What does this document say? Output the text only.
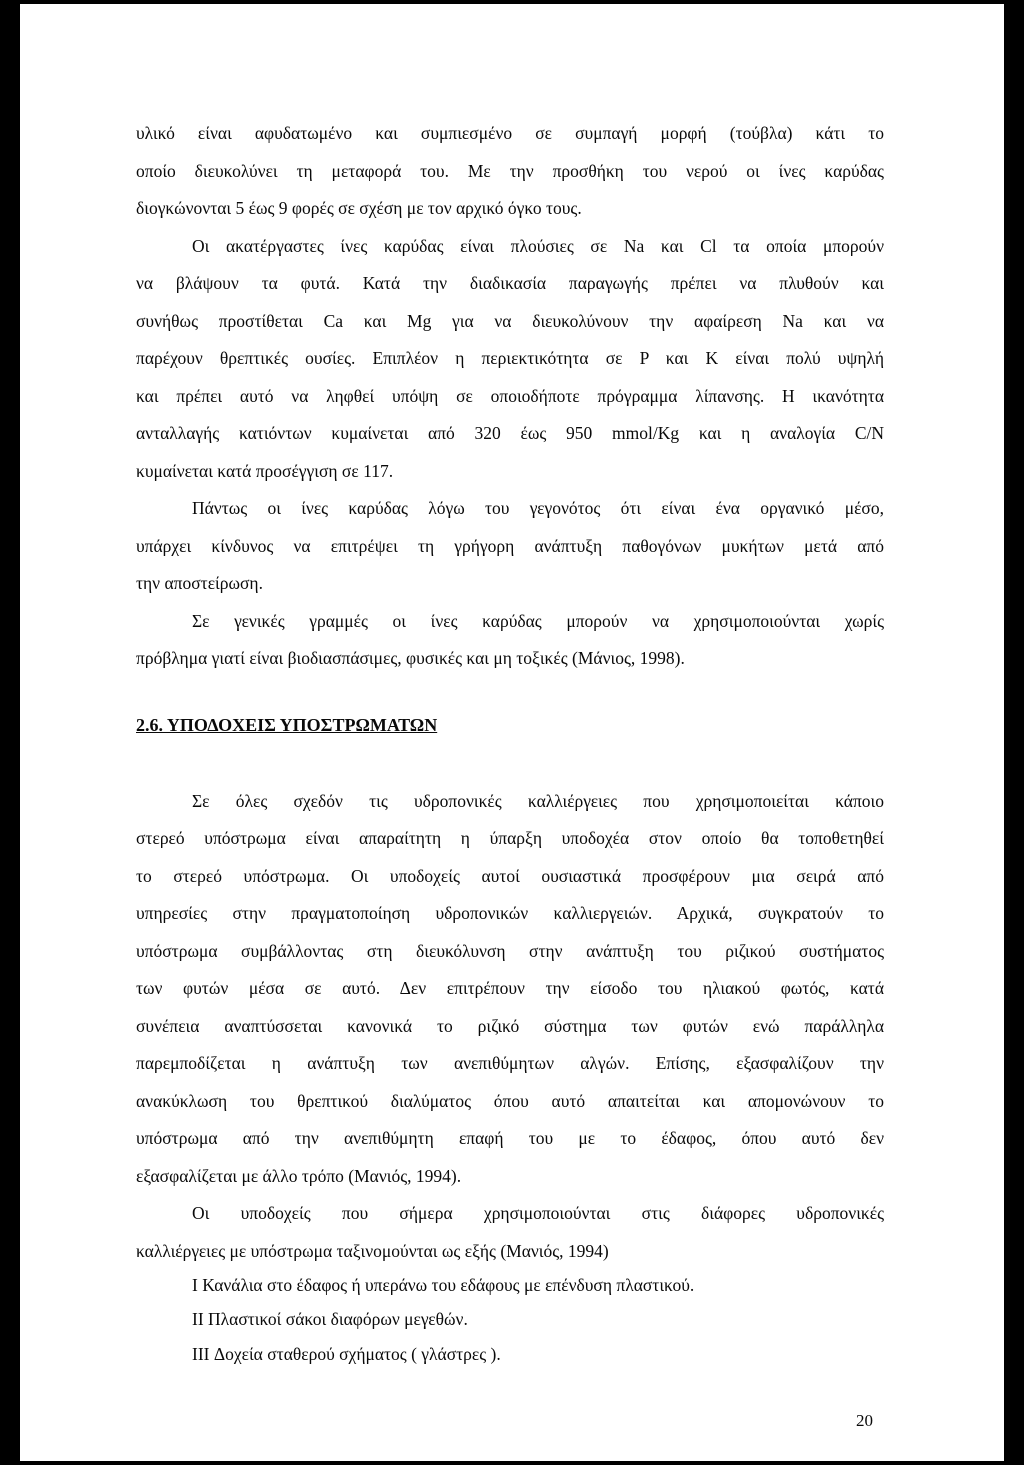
υλικό είναι αφυδατωμένο και συμπιεσμένο σε συμπαγή μορφή (τούβλα) κάτι το
οποίο διευκολύνει τη μεταφορά του. Με την προσθήκη του νερού οι ίνες καρύδας
διογκώνονται 5 έως 9 φορές σε σχέση με τον αρχικό όγκο τους.
Οι ακατέργαστες ίνες καρύδας είναι πλούσιες σε Na και Cl τα οποία μπορούν
να βλάψουν τα φυτά. Κατά την διαδικασία παραγωγής πρέπει να πλυθούν και
συνήθως προστίθεται Ca και Mg για να διευκολύνουν την αφαίρεση Na και να
παρέχουν θρεπτικές ουσίες. Επιπλέον η περιεκτικότητα σε P και K είναι πολύ υψηλή
και πρέπει αυτό να ληφθεί υπόψη σε οποιοδήποτε πρόγραμμα λίπανσης. Η ικανότητα
ανταλλαγής κατιόντων κυμαίνεται από 320 έως 950 mmol/Kg και η αναλογία C/N
κυμαίνεται κατά προσέγγιση σε 117.
Πάντως οι ίνες καρύδας λόγω του γεγονότος ότι είναι ένα οργανικό μέσο,
υπάρχει κίνδυνος να επιτρέψει τη γρήγορη ανάπτυξη παθογόνων μυκήτων μετά από
την αποστείρωση.
Σε γενικές γραμμές οι ίνες καρύδας μπορούν να χρησιμοποιούνται χωρίς
πρόβλημα γιατί είναι βιοδιασπάσιμες, φυσικές και μη τοξικές (Μάνιος, 1998).
2.6. ΥΠΟΔΟΧΕΙΣ ΥΠΟΣΤΡΩΜΑΤΩΝ
Σε όλες σχεδόν τις υδροπονικές καλλιέργειες που χρησιμοποιείται κάποιο
στερεό υπόστρωμα είναι απαραίτητη η ύπαρξη υποδοχέα στον οποίο θα τοποθετηθεί
το στερεό υπόστρωμα. Οι υποδοχείς αυτοί ουσιαστικά προσφέρουν μια σειρά από
υπηρεσίες στην πραγματοποίηση υδροπονικών καλλιεργειών. Αρχικά, συγκρατούν το
υπόστρωμα συμβάλλοντας στη διευκόλυνση στην ανάπτυξη του ριζικού συστήματος
των φυτών μέσα σε αυτό. Δεν επιτρέπουν την είσοδο του ηλιακού φωτός, κατά
συνέπεια αναπτύσσεται κανονικά το ριζικό σύστημα των φυτών ενώ παράλληλα
παρεμποδίζεται η ανάπτυξη των ανεπιθύμητων αλγών. Επίσης, εξασφαλίζουν την
ανακύκλωση του θρεπτικού διαλύματος όπου αυτό απαιτείται και απομονώνουν το
υπόστρωμα από την ανεπιθύμητη επαφή του με το έδαφος, όπου αυτό δεν
εξασφαλίζεται με άλλο τρόπο (Μανιός, 1994).
Οι υποδοχείς που σήμερα χρησιμοποιούνται στις διάφορες υδροπονικές
καλλιέργειες με υπόστρωμα ταξινομούνται ως εξής (Μανιός, 1994)
I Κανάλια στο έδαφος ή υπεράνω του εδάφους με επένδυση πλαστικού.
II Πλαστικοί σάκοι διαφόρων μεγεθών.
III Δοχεία σταθερού σχήματος ( γλάστρες ).
20
